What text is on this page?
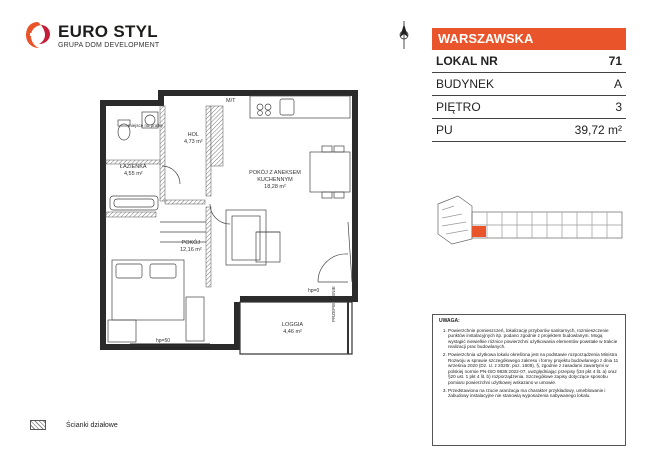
EURO STYL
GRUPA DOM DEVELOPMENT	WARSZAWSKA
LOKAL NR	71
BUDYNEK	A
PIĘTRO	3
PU	39,72 m²
UWAGA:
1. Powierzchnie pomieszczeń, lokalizację przyborów sanitarnych, rozmieszczenie punktów instalacyjnych itp. podano zgodnie z projektem budowlanym. Mogą wystąpić niewielkie różnice powierzchni użytkowania elementów powstałe w trakcie realizacji prac budowlanych.
2. Powierzchnia użytkowa lokalu określona jest na podstawie rozporządzenia Ministra Rozwoju w sprawie szczegółowego zakresu i formy projektu budowlanego z dnia 11 września 2020 (Dz. U. z 2020r. poz. 1609), §, zgodnie z zasadami zawartymi w polskiej normie PN-ISO 9836:2022-07, uwzględniając przepisy §34 pkt 4 lit. a) oraz §20 ust. 1 pkt 4 lit. b) rozporządzenia. Szczegółowe zapisy dotyczące sposobu pomiaru powierzchni użytkowej wskazano w umowie.
3. Przedstawiona na rzucie aranżacja ma charakter przykładowy, umeblowanie i zabudowy instalacyjne nie stanowią wyposażenia nabywanego lokalu.
Ścianki działowe
HOL
4,73 m²
ŁAZIENKA
4,55 m²	POKÓJ Z ANEKSEM KUCHENNYM
18,28 m²
POKÓJ
12,16 m²
LOGGIA
4,46 m²
miejsce na pralkę
M/T
hp=0
hp=50
PRZEPIERZENIE
